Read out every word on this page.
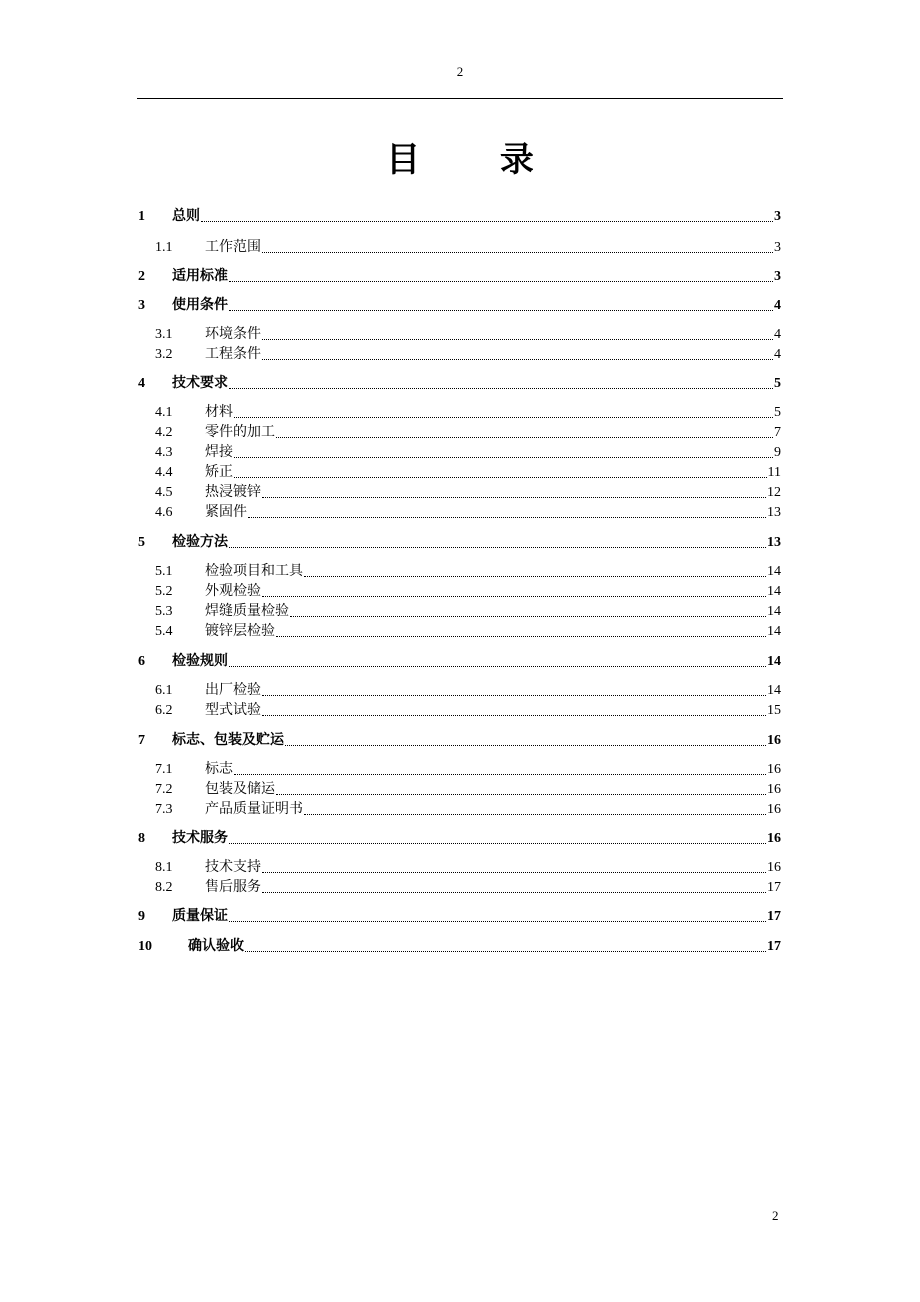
2
目 录
1	总则	3
1.1	工作范围	3
2	适用标准	3
3	使用条件	4
3.1	环境条件	4
3.2	工程条件	4
4	技术要求	5
4.1	材料	5
4.2	零件的加工	7
4.3	焊接	9
4.4	矫正	11
4.5	热浸镀锌	12
4.6	紧固件	13
5	检验方法	13
5.1	检验项目和工具	14
5.2	外观检验	14
5.3	焊缝质量检验	14
5.4	镀锌层检验	14
6	检验规则	14
6.1	出厂检验	14
6.2	型式试验	15
7	标志、包装及贮运	16
7.1	标志	16
7.2	包装及储运	16
7.3	产品质量证明书	16
8	技术服务	16
8.1	技术支持	16
8.2	售后服务	17
9	质量保证	17
10	确认验收	17
2
